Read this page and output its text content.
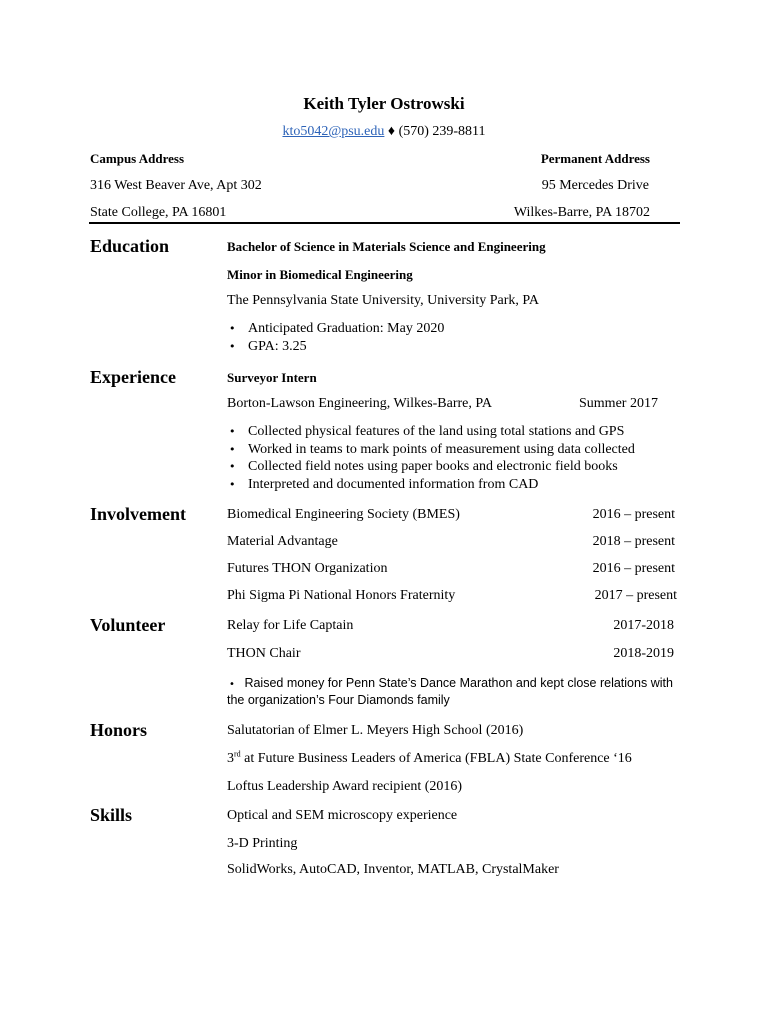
Keith Tyler Ostrowski
kto5042@psu.edu ♦ (570) 239-8811
Campus Address
316 West Beaver Ave, Apt 302
State College, PA 16801
Permanent Address
95 Mercedes Drive
Wilkes-Barre, PA 18702
Education	Bachelor of Science in Materials Science and Engineering
Minor in Biomedical Engineering
The Pennsylvania State University, University Park, PA
• Anticipated Graduation: May 2020
• GPA: 3.25
Experience	Surveyor Intern
Borton-Lawson Engineering, Wilkes-Barre, PA	Summer 2017
• Collected physical features of the land using total stations and GPS
• Worked in teams to mark points of measurement using data collected
• Collected field notes using paper books and electronic field books
• Interpreted and documented information from CAD
Involvement	Biomedical Engineering Society (BMES)	2016 – present
Material Advantage	2018 – present
Futures THON Organization	2016 – present
Phi Sigma Pi National Honors Fraternity	2017 – present
Volunteer	Relay for Life Captain	2017-2018
THON Chair	2018-2019
•   Raised money for Penn State’s Dance Marathon and kept close relations with
the organization’s Four Diamonds family
Honors	Salutatorian of Elmer L. Meyers High School (2016)
3rd at Future Business Leaders of America (FBLA) State Conference ‘16
Loftus Leadership Award recipient (2016)
Skills	Optical and SEM microscopy experience
3-D Printing
SolidWorks, AutoCAD, Inventor, MATLAB, CrystalMaker
